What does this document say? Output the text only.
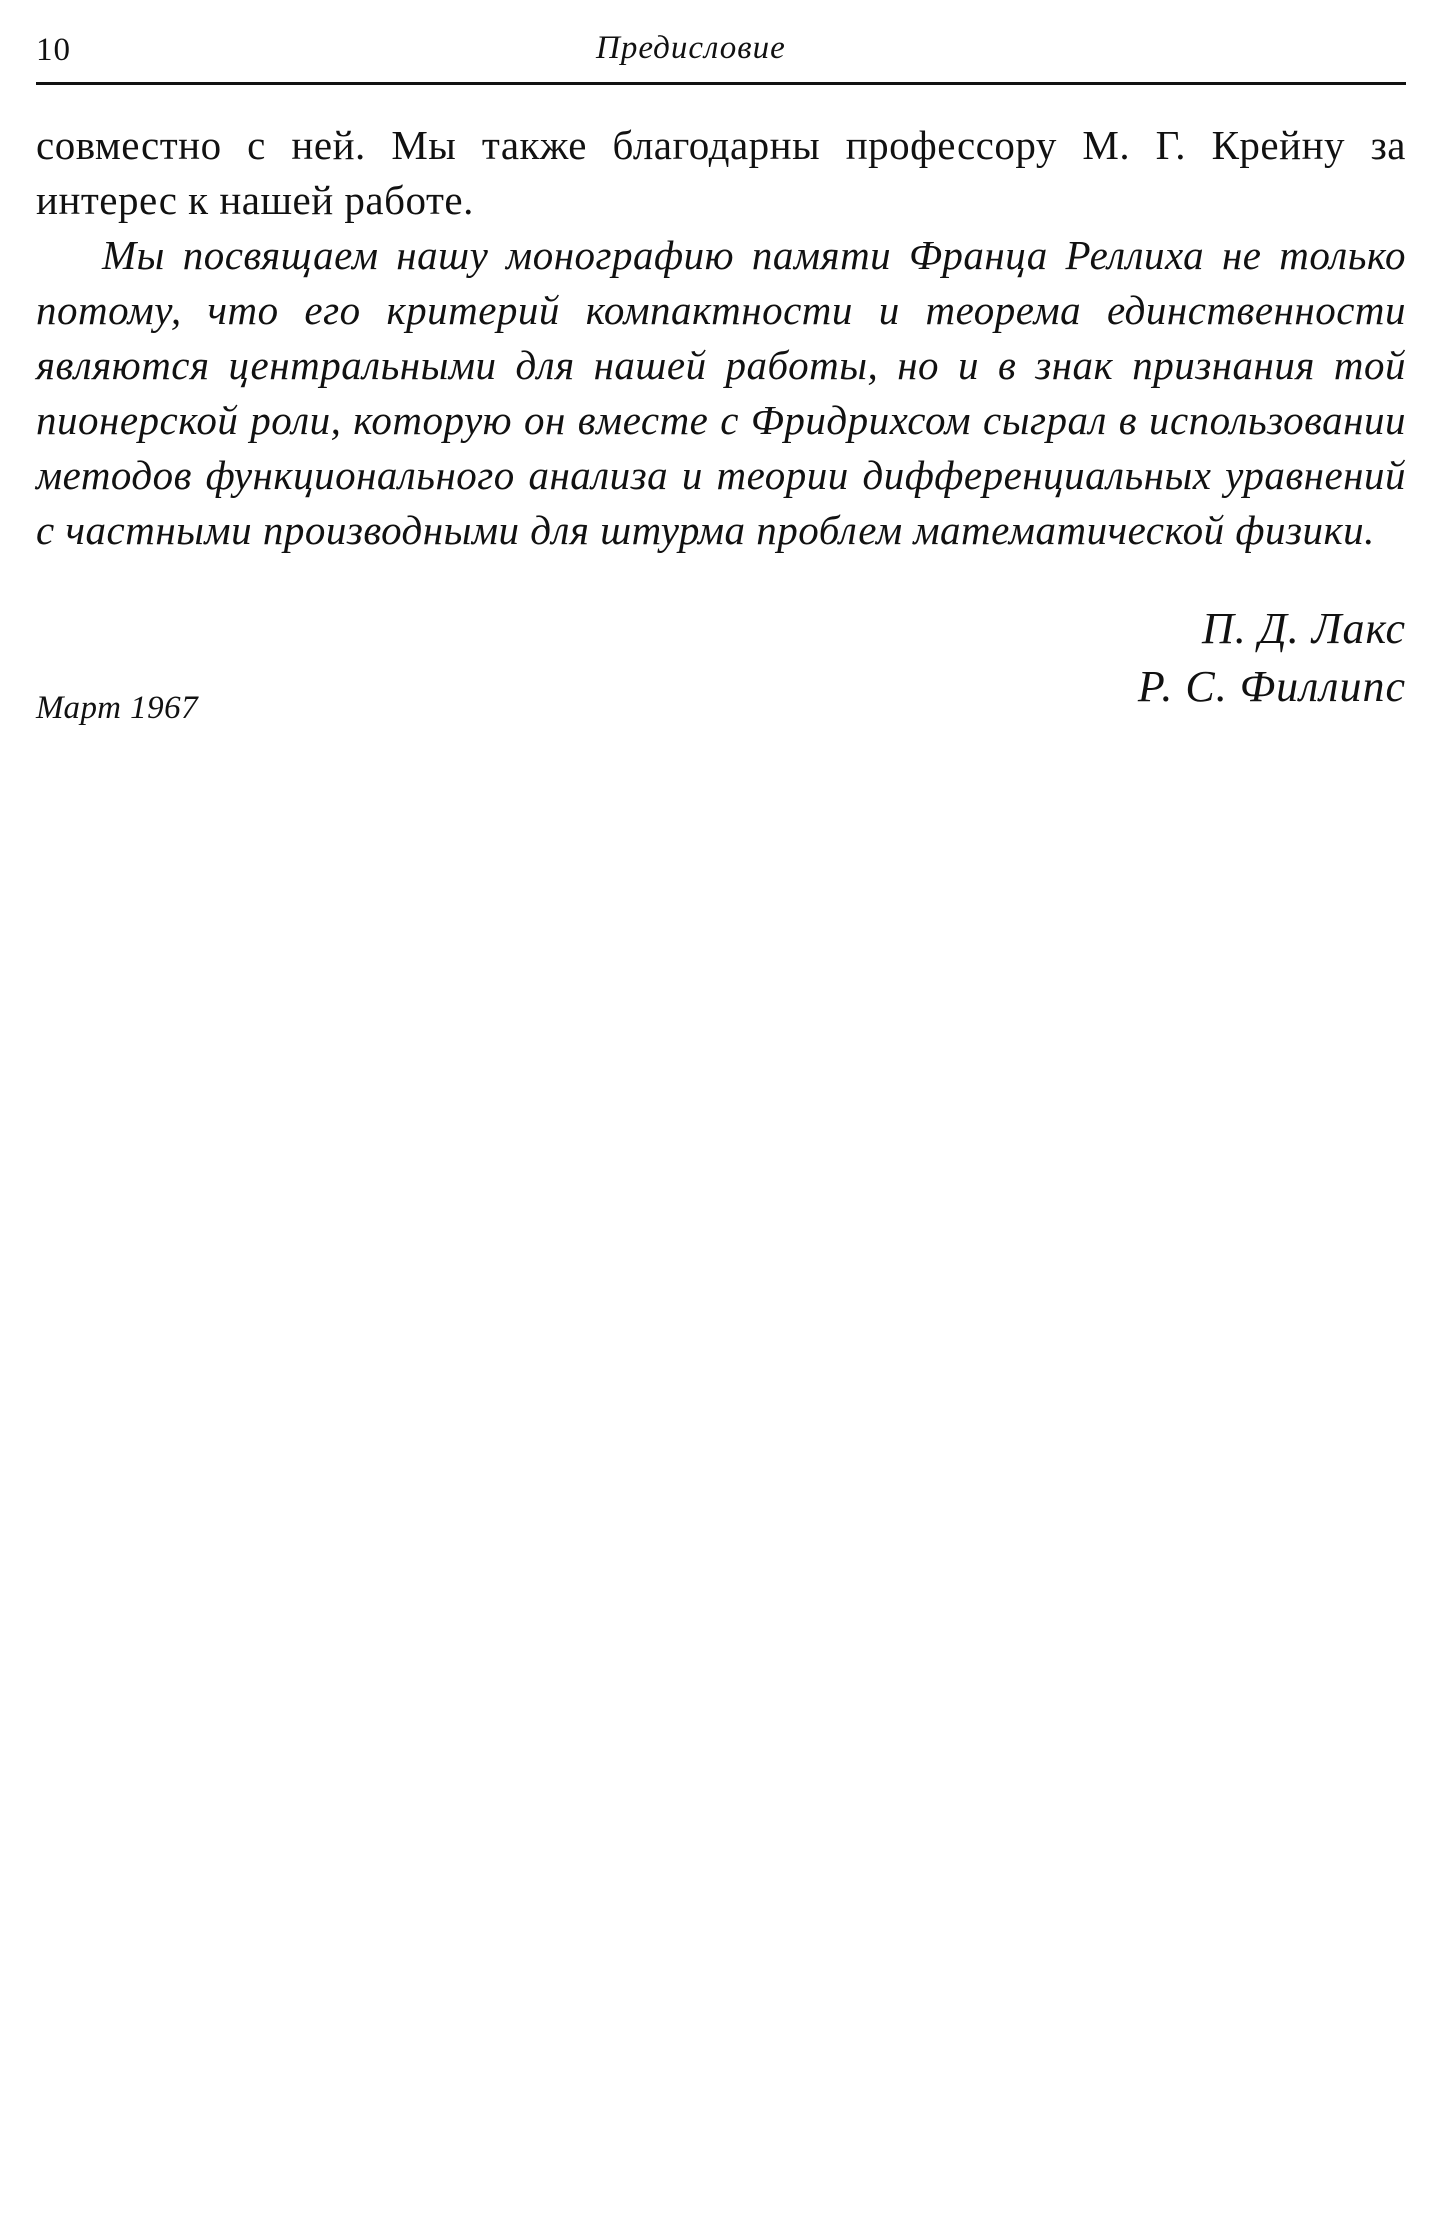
10	Предисловие

совместно с ней. Мы также благодарны профессору М. Г. Крейну за интерес к нашей работе.

Мы посвящаем нашу монографию памяти Франца Реллиха не только потому, что его критерий компактности и теорема единственности являются центральными для нашей работы, но и в знак признания той пионерской роли, которую он вместе с Фридрихсом сыграл в использовании методов функционального анализа и теории дифференциальных уравнений с частными производными для штурма проблем математической физики.

П. Д. Лакс
Р. С. Филлипс
Март 1967
